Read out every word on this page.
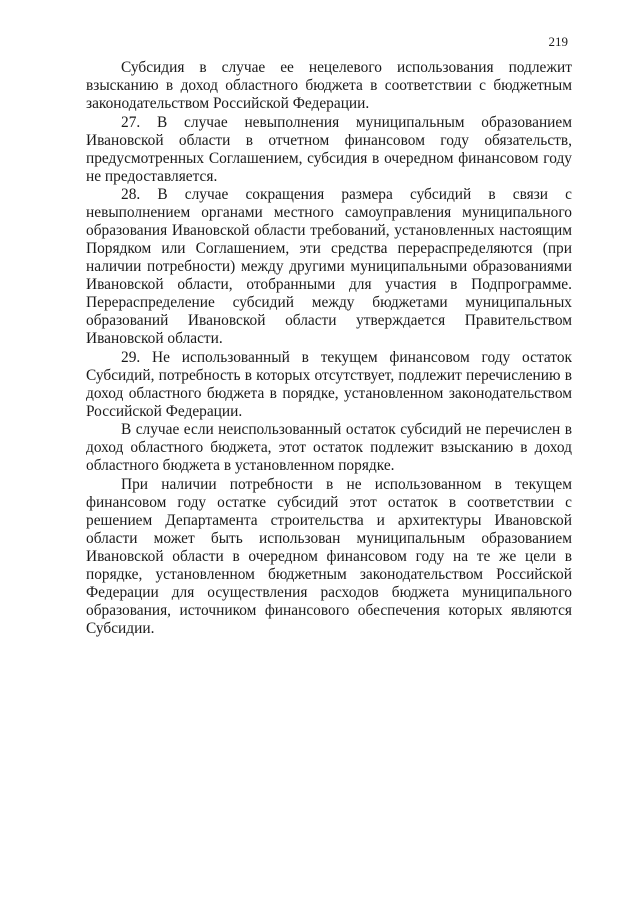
219

Субсидия в случае ее нецелевого использования подлежит взысканию в доход областного бюджета в соответствии с бюджетным законодательством Российской Федерации.

27. В случае невыполнения муниципальным образованием Ивановской области в отчетном финансовом году обязательств, предусмотренных Соглашением, субсидия в очередном финансовом году не предоставляется.

28. В случае сокращения размера субсидий в связи с невыполнением органами местного самоуправления муниципального образования Ивановской области требований, установленных настоящим Порядком или Соглашением, эти средства перераспределяются (при наличии потребности) между другими муниципальными образованиями Ивановской области, отобранными для участия в Подпрограмме. Перераспределение субсидий между бюджетами муниципальных образований Ивановской области утверждается Правительством Ивановской области.

29. Не использованный в текущем финансовом году остаток Субсидий, потребность в которых отсутствует, подлежит перечислению в доход областного бюджета в порядке, установленном законодательством Российской Федерации.

В случае если неиспользованный остаток субсидий не перечислен в доход областного бюджета, этот остаток подлежит взысканию в доход областного бюджета в установленном порядке.

При наличии потребности в не использованном в текущем финансовом году остатке субсидий этот остаток в соответствии с решением Департамента строительства и архитектуры Ивановской области может быть использован муниципальным образованием Ивановской области в очередном финансовом году на те же цели в порядке, установленном бюджетным законодательством Российской Федерации для осуществления расходов бюджета муниципального образования, источником финансового обеспечения которых являются Субсидии.
